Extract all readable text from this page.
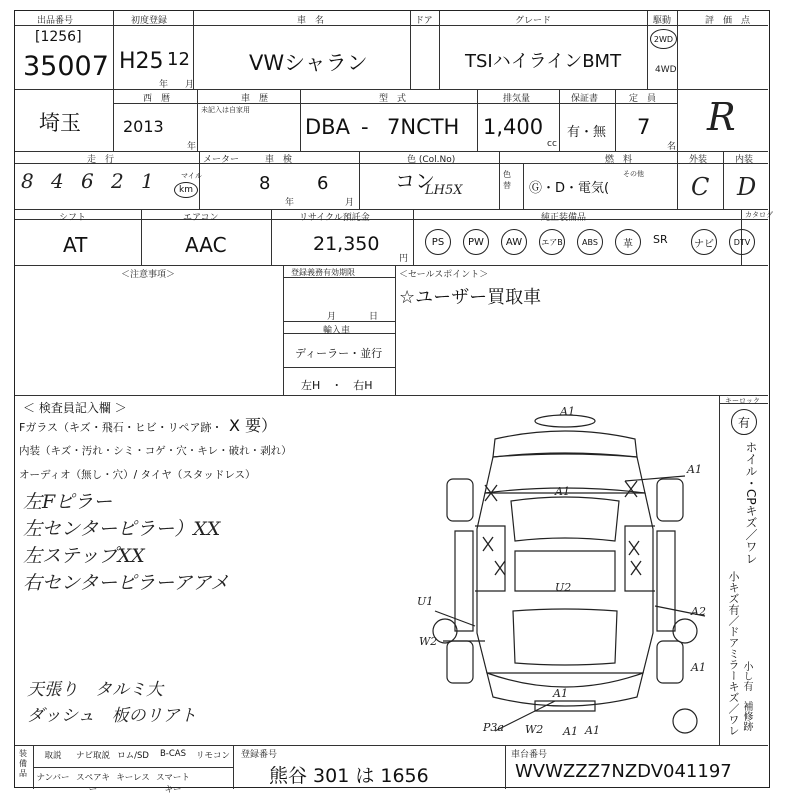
出品番号
[1256]
35007
初度登録
H25 12
年 月
車　名
VWシャラン
ドア	グレード
TSIハイラインBMT
駆動
2WD
4WD
評　価　点
R
埼玉
西　暦
2013
年
車　歴
未記入は自家用
型　式
DBA - 7NCTH
排気量
1,400
cc
保証書
有・無
定　員
7
名
走　行
8 4 6 2 1	マイル
km
メーター	車　検
8
年
6
月
色 (Col.No)
コン
LH5X
色替
燃　料
Ⓖ・D・電気(
その他
外装
C
内装
D
シフト
AT
エアコン
AAC
リサイクル預託金
21,350
円
純正装備品	カタログ
PS	PW	AW	エアB	ABS	革	SR	ナビ	DTV
＜注意事項＞	登録義務有効期限
月	日
輸入車
ディーラー・並行
左H　・　右H
＜セールスポイント＞
☆ユーザー買取車
＜ 検査員記入欄 ＞
Fガラス（キズ・飛石・ヒビ・リペア跡・ X 要）
内装（キズ・汚れ・シミ・コゲ・穴・キレ・破れ・剥れ）
オーディオ（無し・穴）/ タイヤ（スタッドレス）
左Fピラー
左センターピラー）XX
左ステップXX
右センターピラーアアメ
天張り　タルミ大
ダッシュ　板のリアト
キーロック
有
ホイル・CPキズ／ワレ
小キズ有／ドアミラーキズ／ワレ 小し有　補修跡
A1
A1
A1
U1
W2
U2
A2
A1
A1
A1
P3a W2 A1
装備品
取説	ナビ取説 ロム/SD	B-CAS	リモコン
ナンバー スペアキー
キーレス スマートキー
登録番号
熊谷 301 は 1656
車台番号
WVWZZZ7NZDV041197
